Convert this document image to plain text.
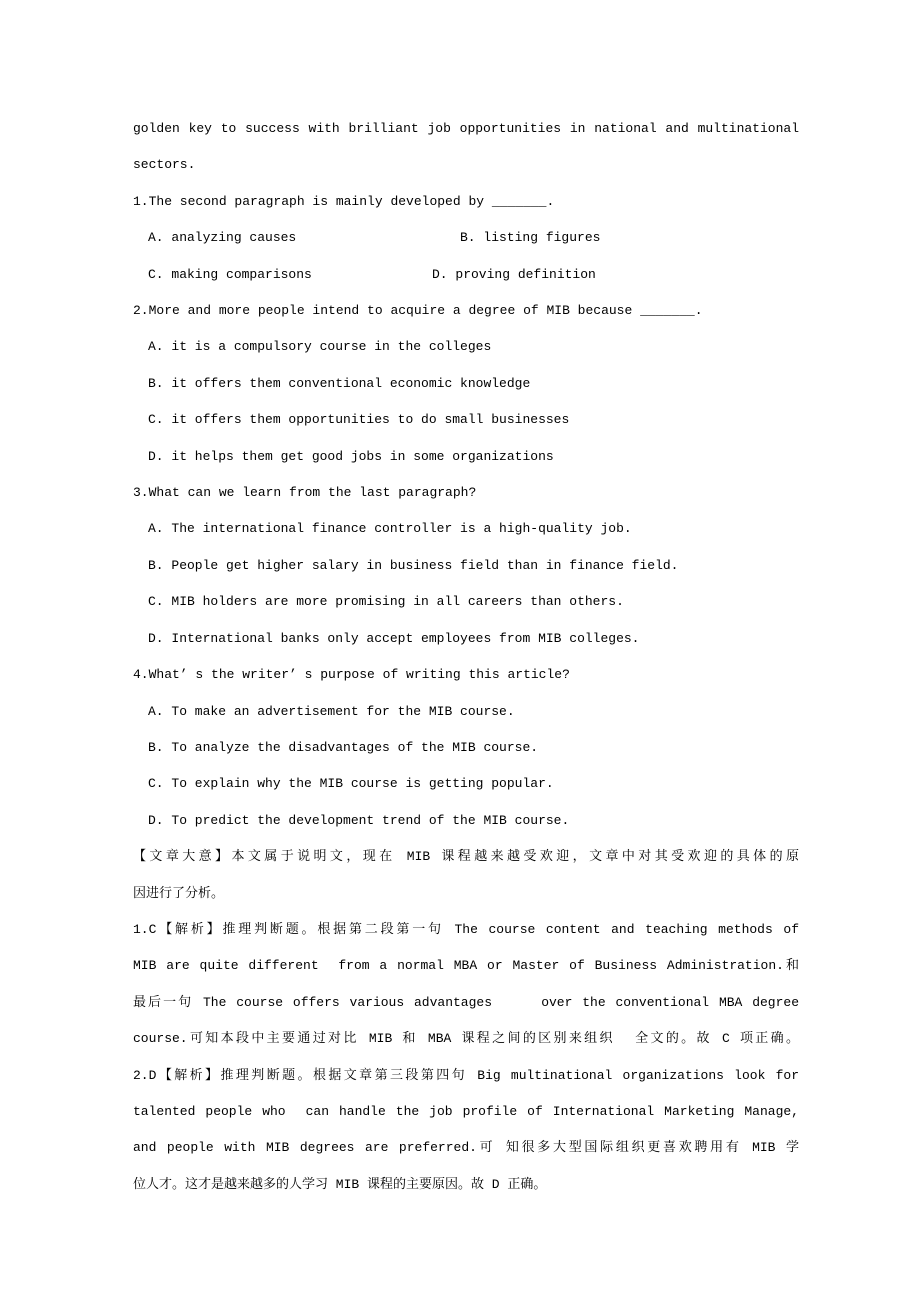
golden key to success with brilliant job opportunities in national and multinational
sectors.
1.The second paragraph is mainly developed by _______.
A. analyzing causes	B. listing figures
C. making comparisons	D. proving definition
2.More and more people intend to acquire a degree of MIB because _______.
A. it is a compulsory course in the colleges
B. it offers them conventional economic knowledge
C. it offers them opportunities to do small businesses
D. it helps them get good jobs in some organizations
3.What can we learn from the last paragraph?
A. The international finance controller is a high-quality job.
B. People get higher salary in business field than in finance field.
C. MIB holders are more promising in all careers than others.
D. International banks only accept employees from MIB colleges.
4.What’ s the writer’ s purpose of writing this article?
A. To make an advertisement for the MIB course.
B. To analyze the disadvantages of the MIB course.
C. To explain why the MIB course is getting popular.
D. To predict the development trend of the MIB course.
【文章大意】本文属于说明文，现在 MIB 课程越来越受欢迎，文章中对其受欢迎的具体的原
因进行了分析。
1.C【解析】推理判断题。根据第二段第一句 The course content and teaching methods of
MIB are quite different  from a normal MBA or Master of Business Administration.和
最后一句 The course offers various advantages     over the conventional MBA degree
course.可知本段中主要通过对比 MIB 和 MBA 课程之间的区别来组织  全文的。故 C 项正确。
2.D【解析】推理判断题。根据文章第三段第四句 Big multinational organizations look for
talented people who  can handle the job profile of International Marketing Manage,
and people with MIB degrees are preferred.可 知很多大型国际组织更喜欢聘用有 MIB 学
位人才。这才是越来越多的人学习 MIB 课程的主要原因。故 D 正确。
